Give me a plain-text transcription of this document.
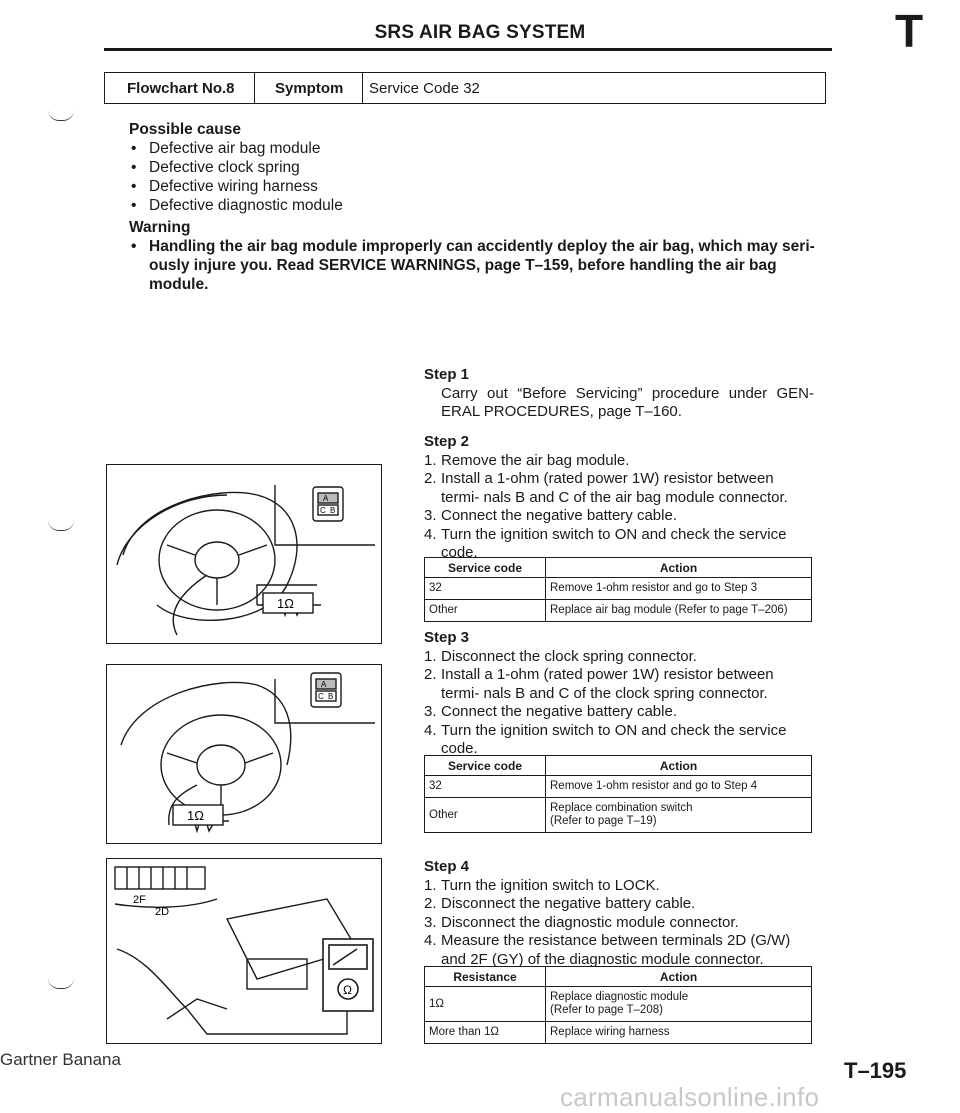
SRS AIR BAG SYSTEM	T
Flowchart No.8	Symptom	Service Code 32
Possible cause
• Defective air bag module
• Defective clock spring
• Defective wiring harness
• Defective diagnostic module
Warning
• Handling the air bag module improperly can accidently deploy the air bag, which may seri- ously injure you. Read SERVICE WARNINGS, page T–159, before handling the air bag module.
Step 1
Carry out “Before Servicing” procedure under GEN- ERAL PROCEDURES, page T–160.
Step 2
1. Remove the air bag module.
2. Install a 1-ohm (rated power 1W) resistor between termi- nals B and C of the air bag module connector.
3. Connect the negative battery cable.
4. Turn the ignition switch to ON and check the service code.
Service code	Action
32	Remove 1-ohm resistor and go to Step 3
Other	Replace air bag module (Refer to page T–206)
Step 3
1. Disconnect the clock spring connector.
2. Install a 1-ohm (rated power 1W) resistor between termi- nals B and C of the clock spring connector.
3. Connect the negative battery cable.
4. Turn the ignition switch to ON and check the service code.
Service code	Action
32	Remove 1-ohm resistor and go to Step 4
Other	Replace combination switch
(Refer to page T–19)
Step 4
1. Turn the ignition switch to LOCK.
2. Disconnect the negative battery cable.
3. Disconnect the diagnostic module connector.
4. Measure the resistance between terminals 2D (G/W) and 2F (GY) of the diagnostic module connector.
Resistance	Action
1Ω	Replace diagnostic module
(Refer to page T–208)

More than 1Ω	Replace wiring harness
A
C B
1Ω
A
C B
1Ω
2F
2D
Ω
Gartner Banana	T–195
carmanualsonline.info
